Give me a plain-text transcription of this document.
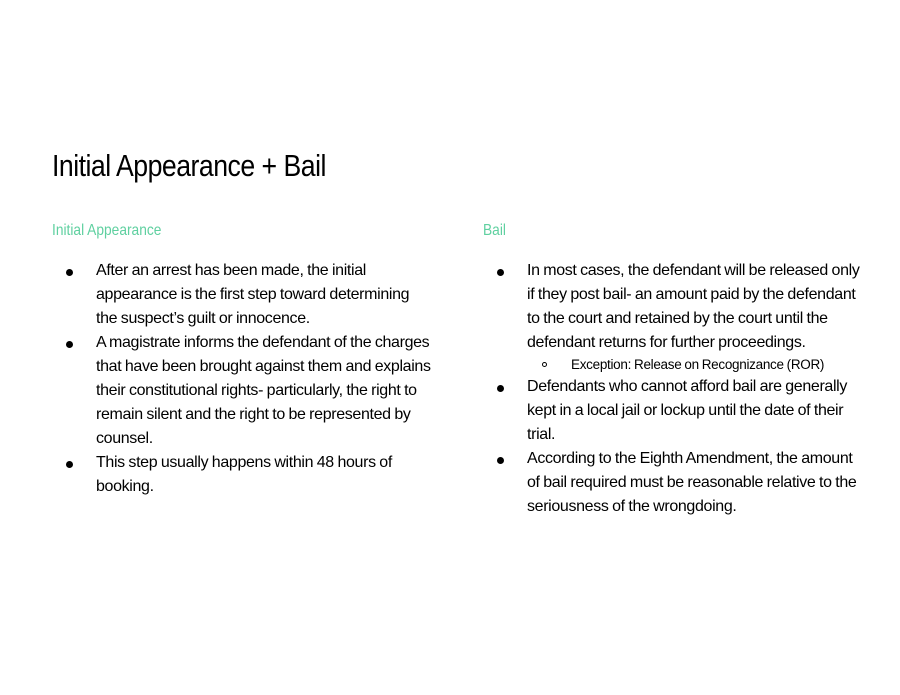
Initial Appearance + Bail
Initial Appearance
After an arrest has been made, the initial appearance is the first step toward determining the suspect’s guilt or innocence.
A magistrate informs the defendant of the charges that have been brought against them and explains their constitutional rights- particularly, the right to remain silent and the right to be represented by counsel.
This step usually happens within 48 hours of booking.
Bail
In most cases, the defendant will be released only if they post bail- an amount paid by the defendant to the court and retained by the court until the defendant returns for further proceedings.
Exception: Release on Recognizance (ROR)
Defendants who cannot afford bail are generally kept in a local jail or lockup until the date of their trial.
According to the Eighth Amendment, the amount of bail required must be reasonable relative to the seriousness of the wrongdoing.
